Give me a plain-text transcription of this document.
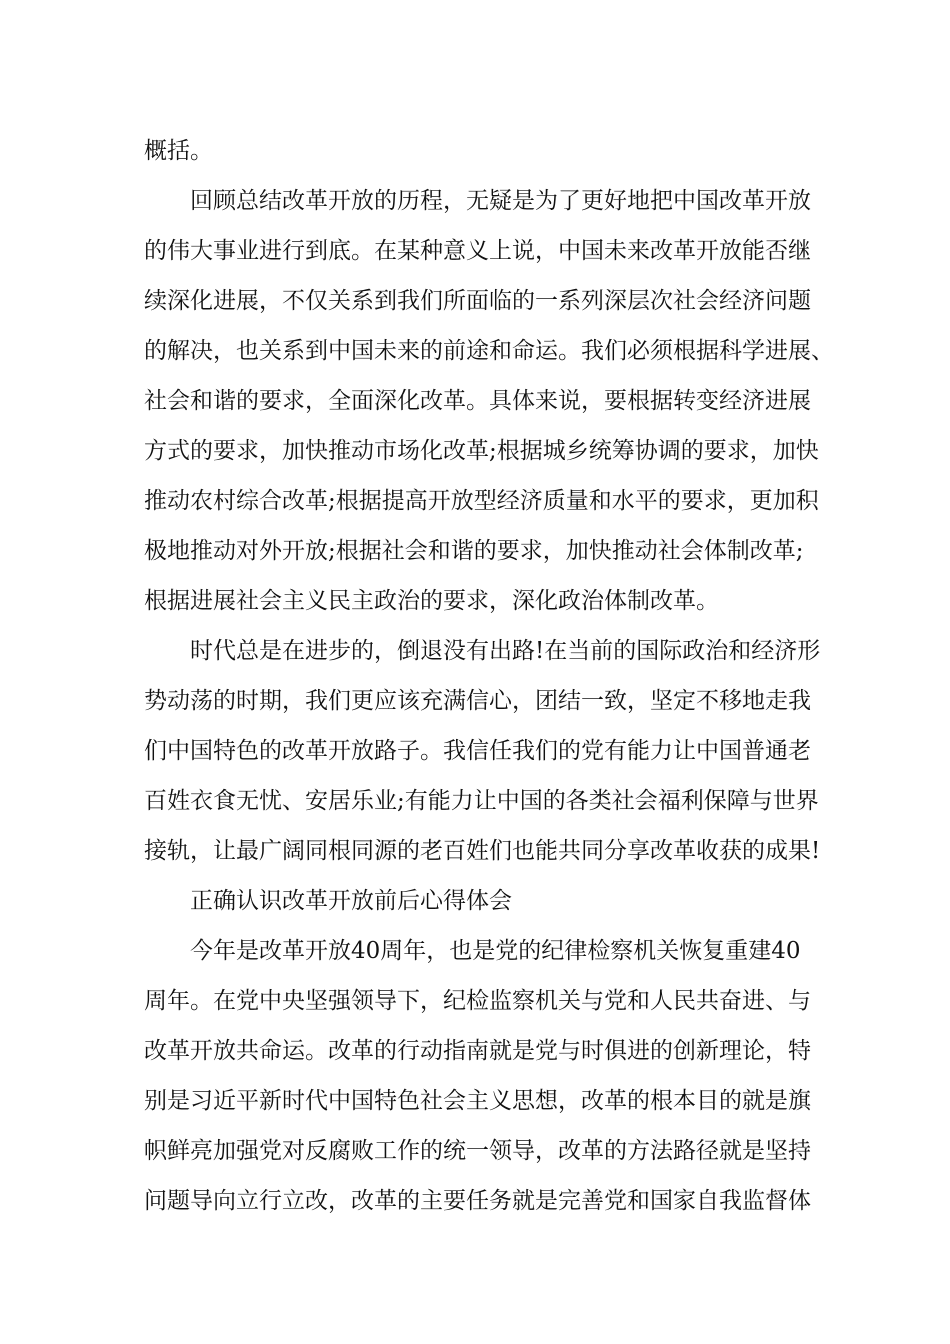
概括。
回顾总结改革开放的历程，无疑是为了更好地把中国改革开放
的伟大事业进行到底。在某种意义上说，中国未来改革开放能否继
续深化进展，不仅关系到我们所面临的一系列深层次社会经济问题
的解决，也关系到中国未来的前途和命运。我们必须根据科学进展、
社会和谐的要求，全面深化改革。具体来说，要根据转变经济进展
方式的要求，加快推动市场化改革;根据城乡统筹协调的要求，加快
推动农村综合改革;根据提高开放型经济质量和水平的要求，更加积
极地推动对外开放;根据社会和谐的要求，加快推动社会体制改革;
根据进展社会主义民主政治的要求，深化政治体制改革。
时代总是在进步的，倒退没有出路!在当前的国际政治和经济形
势动荡的时期，我们更应该充满信心，团结一致，坚定不移地走我
们中国特色的改革开放路子。我信任我们的党有能力让中国普通老
百姓衣食无忧、安居乐业;有能力让中国的各类社会福利保障与世界
接轨，让最广阔同根同源的老百姓们也能共同分享改革收获的成果!
正确认识改革开放前后心得体会
今年是改革开放40周年，也是党的纪律检察机关恢复重建40
周年。在党中央坚强领导下，纪检监察机关与党和人民共奋进、与
改革开放共命运。改革的行动指南就是党与时俱进的创新理论，特
别是习近平新时代中国特色社会主义思想，改革的根本目的就是旗
帜鲜亮加强党对反腐败工作的统一领导，改革的方法路径就是坚持
问题导向立行立改，改革的主要任务就是完善党和国家自我监督体
